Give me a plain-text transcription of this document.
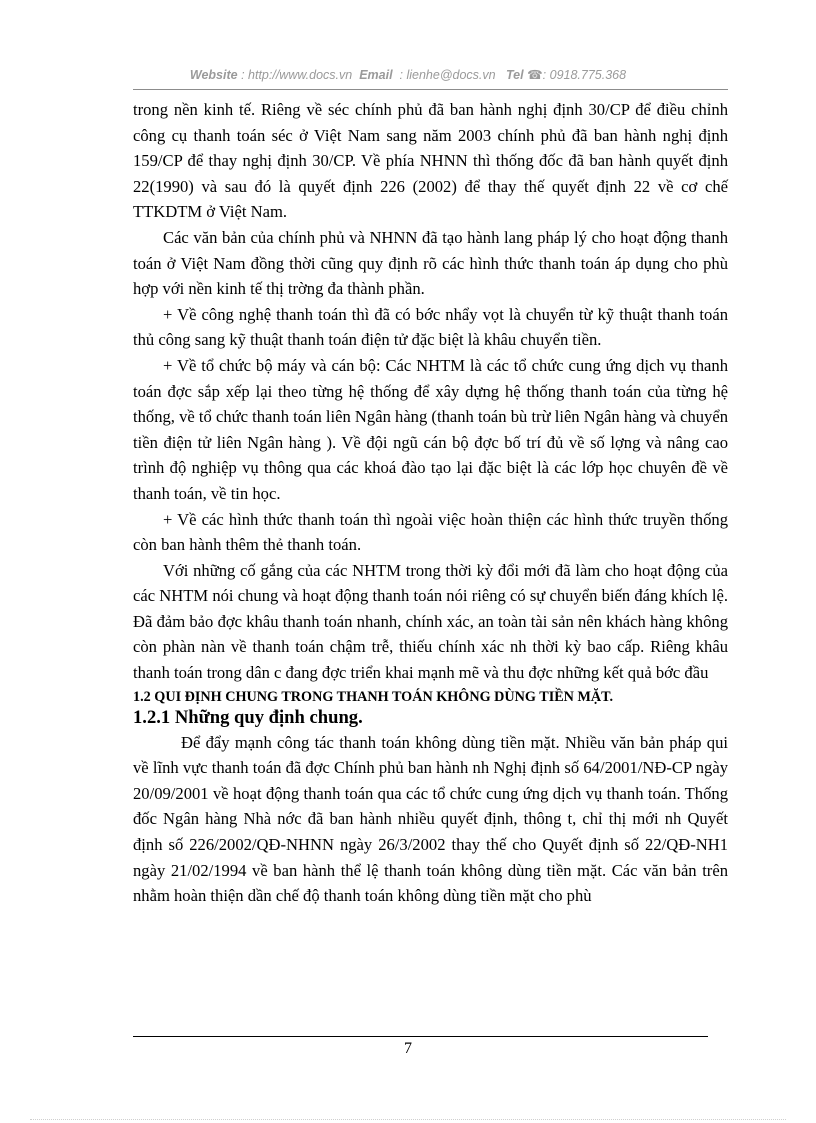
Website : http://www.docs.vn Email : lienhe@docs.vn Tel ☎: 0918.775.368

trong nền kinh tế. Riêng về séc chính phủ đã ban hành nghị định 30/CP để điều chỉnh công cụ thanh toán séc ở Việt Nam sang năm 2003 chính phủ đã ban hành nghị định 159/CP để thay nghị định 30/CP. Về phía NHNN thì thống đốc đã ban hành quyết định 22(1990) và sau đó là quyết định 226 (2002) để thay thế quyết định 22 về cơ chế TTKDTM ở Việt Nam.

Các văn bản của chính phủ và NHNN đã tạo hành lang pháp lý cho hoạt động thanh toán ở Việt Nam đồng thời cũng quy định rõ các hình thức thanh toán áp dụng cho phù hợp với nền kinh tế thị trờng đa thành phần.

+ Về công nghệ thanh toán thì đã có bớc nhẩy vọt là chuyển từ kỹ thuật thanh toán thủ công sang kỹ thuật thanh toán điện tử đặc biệt là khâu chuyển tiền.

+ Về tổ chức bộ máy và cán bộ: Các NHTM là các tổ chức cung ứng dịch vụ thanh toán đợc sắp xếp lại theo từng hệ thống để xây dựng hệ thống thanh toán của từng hệ thống, về tổ chức thanh toán liên Ngân hàng (thanh toán bù trừ liên Ngân hàng và chuyển tiền điện tử liên Ngân hàng ). Về đội ngũ cán bộ đợc bố trí đủ về số lợng và nâng cao trình độ nghiệp vụ thông qua các khoá đào tạo lại đặc biệt là các lớp học chuyên đề về thanh toán, về tin học.

+ Về các hình thức thanh toán thì ngoài việc hoàn thiện các hình thức truyền thống còn ban hành thêm thẻ thanh toán.

Với những cố gắng của các NHTM trong thời kỳ đổi mới đã làm cho hoạt động của các NHTM nói chung và hoạt động thanh toán nói riêng có sự chuyển biến đáng khích lệ. Đã đảm bảo đợc khâu thanh toán nhanh, chính xác, an toàn tài sản nên khách hàng không còn phàn nàn về thanh toán chậm trễ, thiếu chính xác nh thời kỳ bao cấp. Riêng khâu thanh toán trong dân c đang đợc triển khai mạnh mẽ và thu đợc những kết quả bớc đầu

1.2 QUI ĐỊNH CHUNG TRONG THANH TOÁN KHÔNG DÙNG TIỀN MẶT.
1.2.1 Những quy định chung.

Để đẩy mạnh công tác thanh toán không dùng tiền mặt. Nhiều văn bản pháp qui về lĩnh vực thanh toán đã đợc Chính phủ ban hành nh Nghị định số 64/2001/NĐ-CP ngày 20/09/2001 về hoạt động thanh toán qua các tổ chức cung ứng dịch vụ thanh toán. Thống đốc Ngân hàng Nhà nớc đã ban hành nhiều quyết định, thông t, chỉ thị mới nh Quyết định số 226/2002/QĐ-NHNN ngày 26/3/2002 thay thế cho Quyết định số 22/QĐ-NH1 ngày 21/02/1994 về ban hành thể lệ thanh toán không dùng tiền mặt. Các văn bản trên nhằm hoàn thiện dần chế độ thanh toán không dùng tiền mặt cho phù

7
